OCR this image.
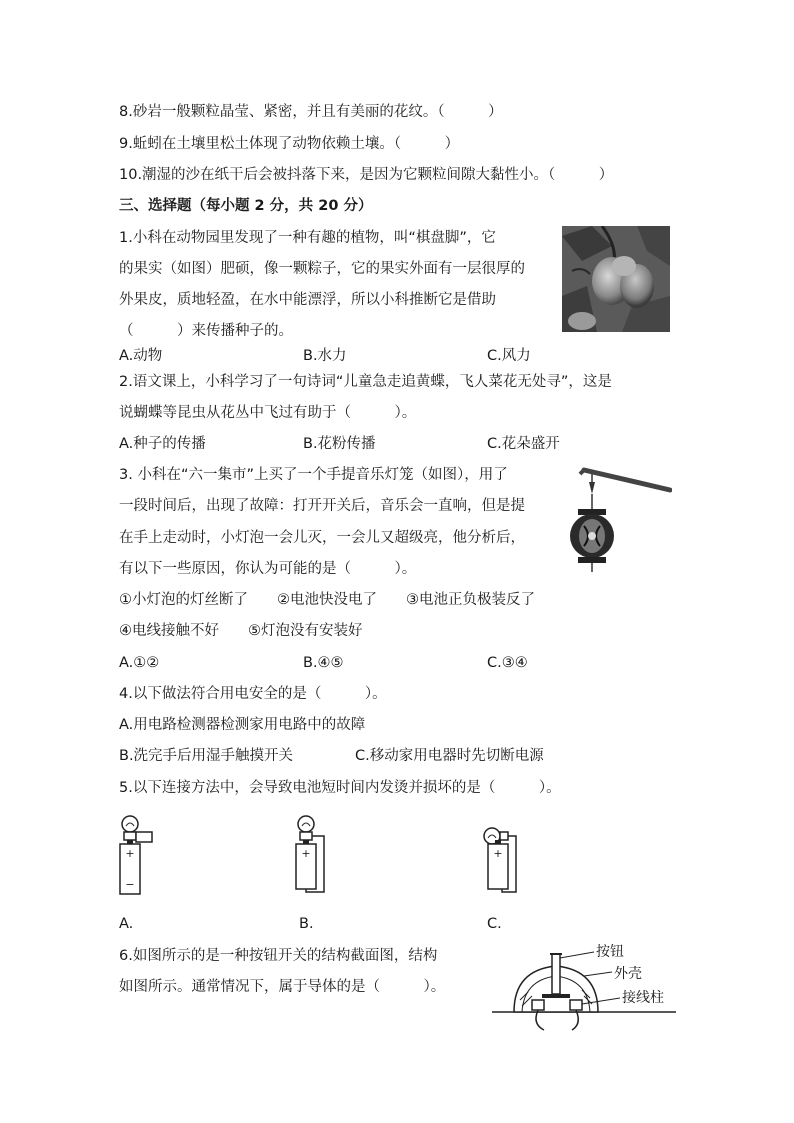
8.砂岩一般颗粒晶莹、紧密，并且有美丽的花纹。（　　　）
9.蚯蚓在土壤里松土体现了动物依赖土壤。（　　　）
10.潮湿的沙在纸干后会被抖落下来，是因为它颗粒间隙大黏性小。（　　　）
三、选择题（每小题 2 分，共 20 分）
1.小科在动物园里发现了一种有趣的植物，叫“棋盘脚”，它
的果实（如图）肥硕，像一颗粽子，它的果实外面有一层很厚的
外果皮，质地轻盈，在水中能漂浮，所以小科推断它是借助
（　　　）来传播种子的。
A.动物	B.水力	C.风力
2.语文课上，小科学习了一句诗词“儿童急走追黄蝶，飞人菜花无处寻”，这是
说蝴蝶等昆虫从花丛中飞过有助于（　　　）。
A.种子的传播	B.花粉传播	C.花朵盛开
3. 小科在“六一集市”上买了一个手提音乐灯笼（如图），用了
一段时间后，出现了故障：打开开关后，音乐会一直响，但是提
在手上走动时，小灯泡一会儿灭，一会儿又超级亮，他分析后，
有以下一些原因，你认为可能的是（　　　）。
①小灯泡的灯丝断了　　②电池快没电了　　③电池正负极装反了
④电线接触不好　　⑤灯泡没有安装好
A.①②	B.④⑤	C.③④
4.以下做法符合用电安全的是（　　　）。
A.用电路检测器检测家用电路中的故障
B.洗完手后用湿手触摸开关	C.移动家用电器时先切断电源
5.以下连接方法中，会导致电池短时间内发烫并损坏的是（　　　）。
+
−
A.
+
B.
+
C.
6.如图所示的是一种按钮开关的结构截面图，结构
如图所示。通常情况下，属于导体的是（　　　）。
按钮
外壳
接线柱
